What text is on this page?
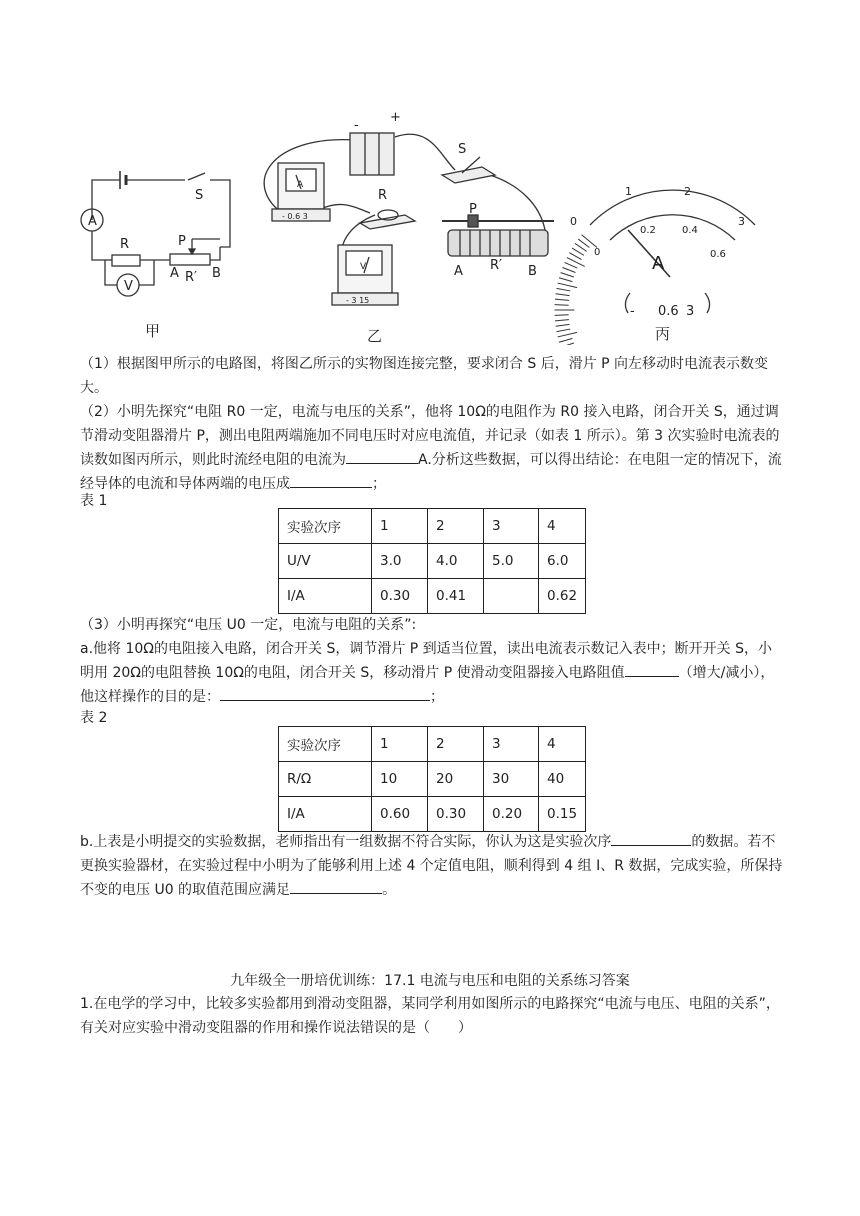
A
V
S
R	P
A R′ B
-
+
S
R
P
A R′ B
A
- 0.6 3
V
- 3 15
0
1	2
3
0
0.2	0.4
0.6
A
- 0.6 3
甲	乙	丙

（1）根据图甲所示的电路图，将图乙所示的实物图连接完整，要求闭合 S 后，滑片 P 向左移动时电流表示数变大。

（2）小明先探究“电阻 R0 一定，电流与电压的关系”，他将 10Ω的电阻作为 R0 接入电路，闭合开关 S，通过调节滑动变阻器滑片 P，测出电阻两端施加不同电压时对应电流值，并记录（如表 1 所示）。第 3 次实验时电流表的读数如图丙所示，则此时流经电阻的电流为	A.分析这些数据，可以得出结论：在电阻一定的情况下，流经导体的电流和导体两端的电压成	；

表 1
实验次序	1	2	3	4
U/V	3.0	4.0	5.0	6.0
I/A	0.30	0.41		0.62

（3）小明再探究“电压 U0 一定，电流与电阻的关系”:

a.他将 10Ω的电阻接入电路，闭合开关 S，调节滑片 P 到适当位置，读出电流表示数记入表中；断开开关 S，小明用 20Ω的电阻替换 10Ω的电阻，闭合开关 S，移动滑片 P 使滑动变阻器接入电路阻值	（增大/减小），他这样操作的目的是：	；

表 2
实验次序	1	2	3	4
R/Ω	10	20	30	40
I/A	0.60	0.30	0.20	0.15

b.上表是小明提交的实验数据，老师指出有一组数据不符合实际，你认为这是实验次序	的数据。若不更换实验器材，在实验过程中小明为了能够利用上述 4 个定值电阻，顺利得到 4 组 I、R 数据，完成实验，所保持不变的电压 U0 的取值范围应满足	。

九年级全一册培优训练：17.1 电流与电压和电阻的关系练习答案

1.在电学的学习中，比较多实验都用到滑动变阻器，某同学利用如图所示的电路探究“电流与电压、电阻的关系”，有关对应实验中滑动变阻器的作用和操作说法错误的是（　　）
